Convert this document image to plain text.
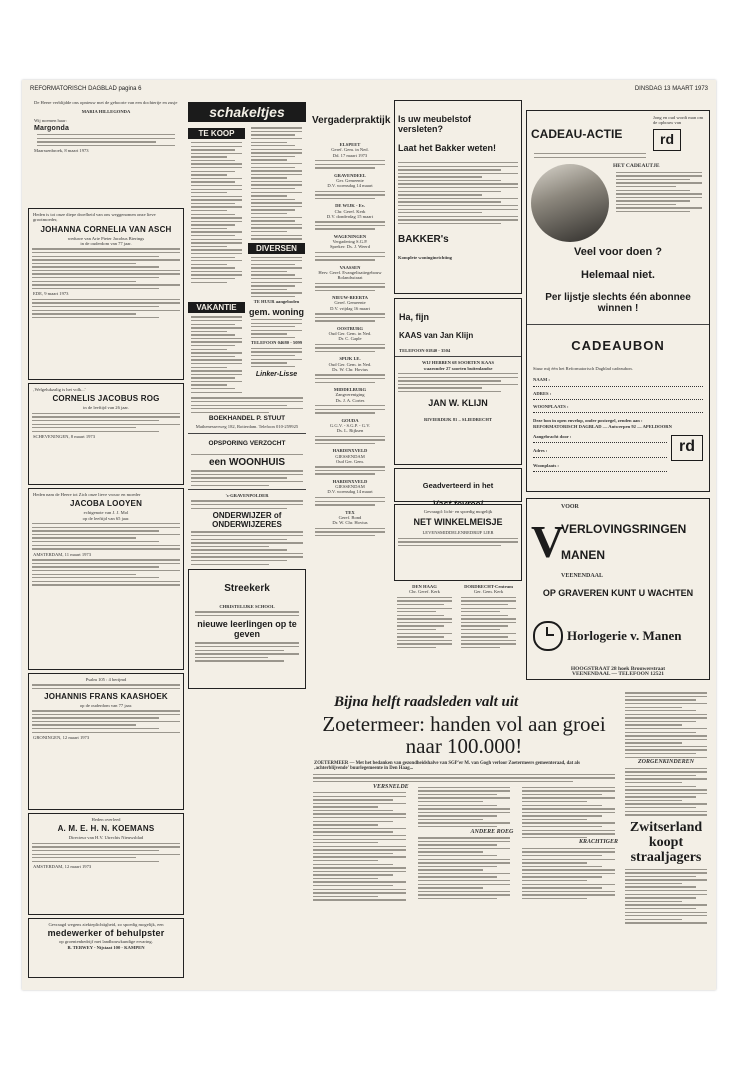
REFORMATORISCH DAGBLAD pagina 6	DINSDAG 13 MAART 1973

De Heere verblijdde ons opnieuw met de geboorte van een dochtertje en zusje

MARIA HILLEGONDA

Wij noemen haar:

Margonda

Maarssenbroek, 8 maart 1973

Heden is tot onze diepe droefheid van ons weggenomen onze lieve grootmoeder,

JOHANNA CORNELIA VAN ASCH

weduwe van Arie Pieter Jacobus Bierings

in de ouderdom van 77 jaar.

EDE, 9 maart 1973

‚Welgelukzalig is het volk...'

CORNELIS JACOBUS ROG

in de leeftijd van 26 jaar.

SCHEVENINGEN, 8 maart 1973

Heden nam de Heere tot Zich onze lieve vrouw en moeder

JACOBA LOOYEN

echtgenote van J. J. Mol

op de leeftijd van 65 jaar.

AMSTERDAM, 11 maart 1973

Psalm 105 : 4 berijmd

JOHANNIS FRANS KAASHOEK

op de ouderdom van 77 jaar.

GRONINGEN, 12 maart 1973

Heden overleed

A. M. E. H. N. KOEMANS

Directeur van H.V. Utrechts Nieuwsblad

AMSTERDAM, 12 maart 1973

Gevraagd wegens ziekteplichtigheid, zo spoedig mogelijk, een

medewerker of behulpster

op groentenbedrijf met landbouwkundige ervaring.

B. TERWEY - Nijstaat 100 - KAMPEN

schakeltjes
TE KOOP
DIVERSEN
VAKANTIE

TE HUUR aangeboden

gem. woning

TELEFOON 04680 - 5099

Linker-Lisse

BOEKHANDEL P. STUUT

Mathenesserweg 182, Rotterdam. Telefoon 010-259925

OPSPORING VERZOCHT

een WOONHUIS

's-GRAVENPOLDER

ONDERWIJZER of ONDERWIJZERES

Streekerk

CHRISTELIJKE SCHOOL

nieuwe leerlingen op te geven

Vergaderpraktijk

ELSPEET

Geref. Gem. in Ned.

Dd. 17 maart 1973

GRAVENDEEL

Ger. Gemeente

D.V. woensdag 14 maart

DE WIJK - Ev.

Chr. Geref. Kerk

D.V. donderdag 15 maart

WAGENINGEN

Vergadering S.G.P.

Spreker: Ds. J. Weerd

VAASSEN

Herv. Geref. Evangelisatiegebouw

Rolandsstraat

NIEUW-BEERTA

Geref. Gemeente

D.V. vrijdag 16 maart

OOSTBURG

Oud Ger. Gem. in Ned.

Dr. C. Gaple

SPIJK I.E.

Oud Ger. Gem. in Ned.

Ds. W. Chr. Hovius

MIDDELBURG

Zangvereniging

Ds. J. A. Cortes

GOUDA

G.G.V. - S.G.P. - G.V.

Ds. L. Rijksen

HARDINXVELD

GIESSENDAM

Oud Ger. Gem.

HARDINXVELD

GIESSENDAM

D.V. woensdag 14 maart

TEX

Geref. Bond

Dr. W. Chr. Hovius

Is uw meubelstof versleten?

Laat het Bakker weten!

BAKKER's

Komplete woninginrichting

Ha, fijn

KAAS van Jan Klijn

TELEFOON 01840 - 3504

WIJ HEBBEN 68 SOORTEN KAAS

waaronder 27 soorten buitenlandse

JAN W. KLIJN

RIVIERDIJK 81 – SLIEDRECHT

Geadverteerd in het

Gevraagd: licht- en spoedig mogelijk

NET WINKELMEISJE

LEVENSMIDDELENBEDRIJF LIER

DEN HAAG

Chr. Geref. Kerk

DORDRECHT-Centrum

Ger. Gem. Kerk

CADEAU-ACTIE

Jong en oud wordt man om de opbouw van

rd

HET CADEAUTJE

Veel voor doen ?

Helemaal niet.

Per lijstje slechts één abonnee winnen !

CADEAUBON

Stuur mij één het Reformatorisch Dagblad cadeaubon.

NAAM :

ADRES :

WOONPLAATS :

Deze bon in open envelop, onder postzegel, zenden aan :

REFORMATORISCH DAGBLAD — Antwerpen 92 — APELDOORN

Aangebracht door :

Adres :

Woonplaats :

rd
V

VOOR

VERLOVINGSRINGEN

MANEN

VEENENDAAL

OP GRAVEREN KUNT U WACHTEN

Horlogerie v. Manen

HOOGSTRAAT 28 hoek Brouwerstraat

VEENENDAAL — TELEFOON 12521

Bijna helft raadsleden valt uit

Zoetermeer: handen vol aan groei naar 100.000!

ZOETERMEER — Met het bedanken van gezondheidshalve van SGP'er M. van Gogh verloor Zoetermeers gemeenteraad, dat als ‚achterblijvende' buurlegemeente in Den Haag...

VERSNELDE

ANDERE ROEG

KRACHTIGER

ZORGENKINDEREN

Zwitserland koopt straaljagers
